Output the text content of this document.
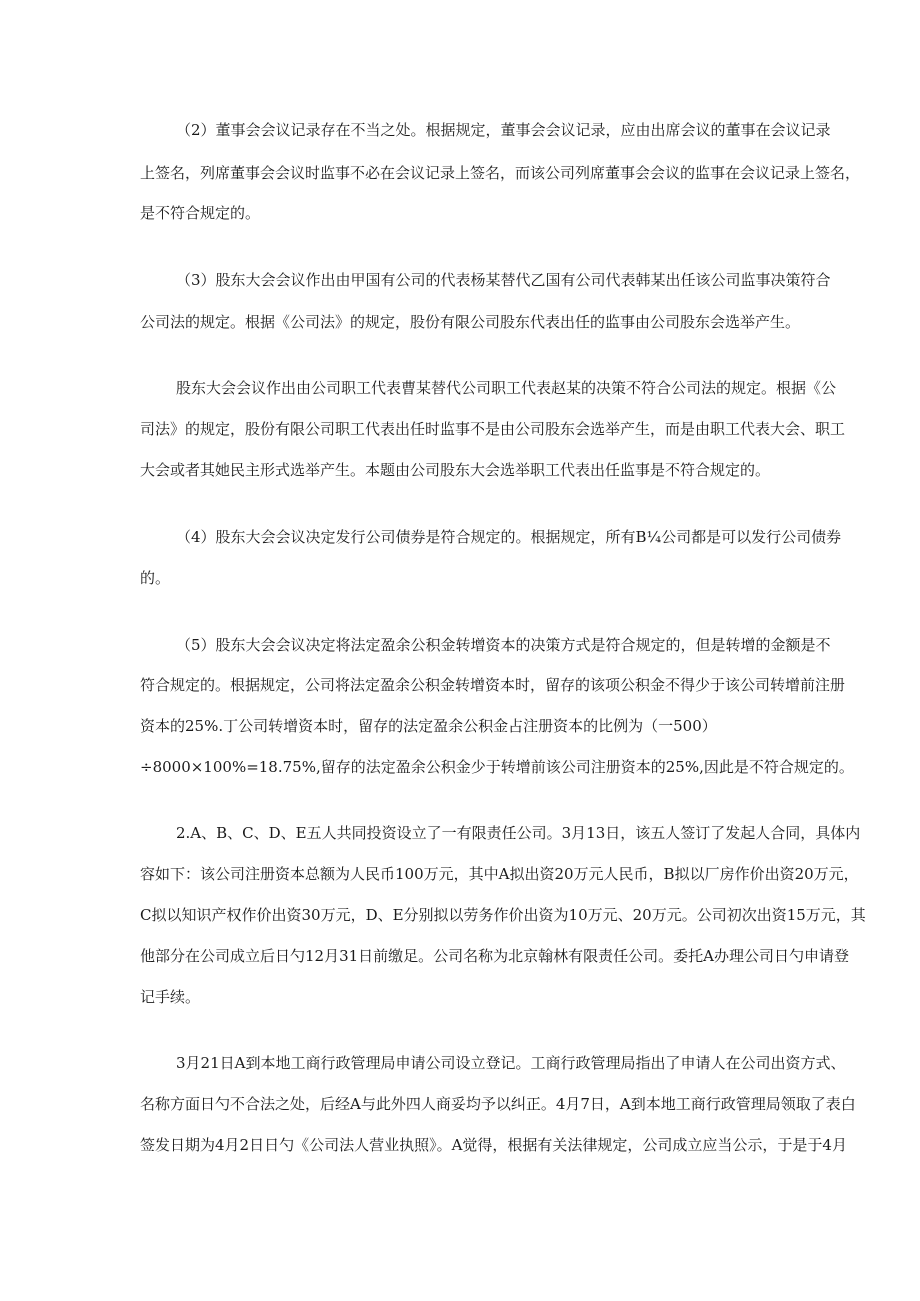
（2）董事会会议记录存在不当之处。根据规定，董事会会议记录，应由出席会议的董事在会议记录

上签名，列席董事会会议时监事不必在会议记录上签名，而该公司列席董事会会议的监事在会议记录上签名，

是不符合规定的。

（3）股东大会会议作出由甲国有公司的代表杨某替代乙国有公司代表韩某出任该公司监事决策符合

公司法的规定。根据《公司法》的规定，股份有限公司股东代表出任的监事由公司股东会选举产生。

股东大会会议作出由公司职工代表曹某替代公司职工代表赵某的决策不符合公司法的规定。根据《公

司法》的规定，股份有限公司职工代表出任时监事不是由公司股东会选举产生，而是由职工代表大会、职工

大会或者其她民主形式选举产生。本题由公司股东大会选举职工代表出任监事是不符合规定的。

（4）股东大会会议决定发行公司债券是符合规定的。根据规定，所有B¼公司都是可以发行公司债券

的。

（5）股东大会会议决定将法定盈余公积金转增资本的决策方式是符合规定的，但是转增的金额是不

符合规定的。根据规定，公司将法定盈余公积金转增资本时，留存的该项公积金不得少于该公司转增前注册

资本的25%.丁公司转增资本时，留存的法定盈余公积金占注册资本的比例为（一500）

÷8000×100%=18.75%,留存的法定盈余公积金少于转增前该公司注册资本的25%,因此是不符合规定的。

2.A、B、C、D、E五人共同投资设立了一有限责任公司。3月13日，该五人签订了发起人合同，具体内

容如下：该公司注册资本总额为人民币100万元，其中A拟出资20万元人民币，B拟以厂房作价出资20万元，

C拟以知识产权作价出资30万元，D、E分别拟以劳务作价出资为10万元、20万元。公司初次出资15万元，其

他部分在公司成立后日勺12月31日前缴足。公司名称为北京翰林有限责任公司。委托A办理公司日勺申请登

记手续。

3月21日A到本地工商行政管理局申请公司设立登记。工商行政管理局指出了申请人在公司出资方式、

名称方面日勺不合法之处，后经A与此外四人商妥均予以纠正。4月7日，A到本地工商行政管理局领取了表白

签发日期为4月2日日勺《公司法人营业执照》。A觉得，根据有关法律规定，公司成立应当公示，于是于4月
